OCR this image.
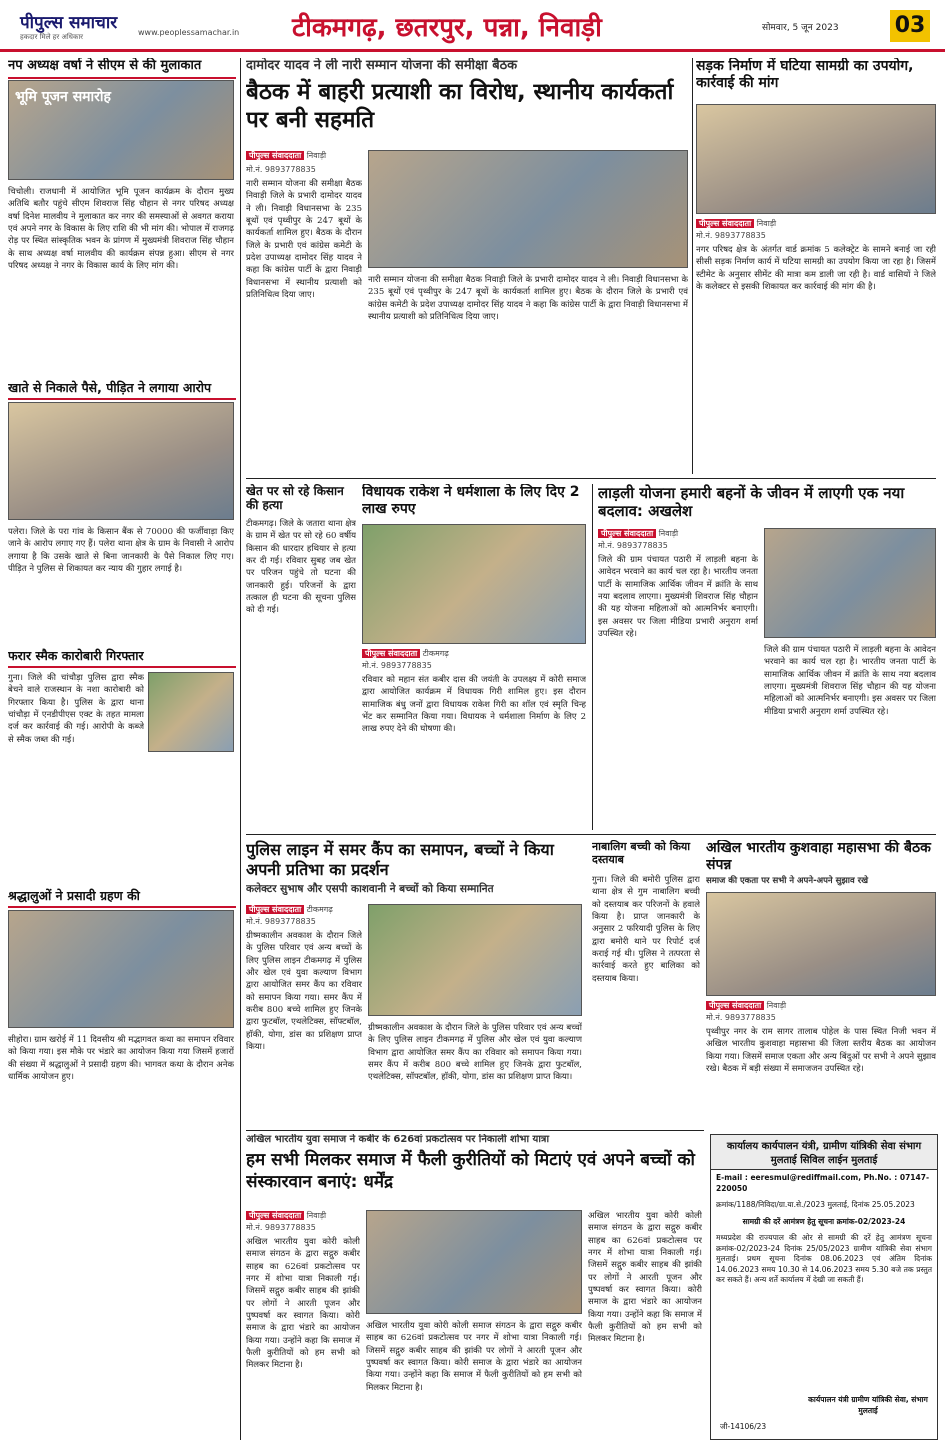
पीपुल्स समाचार
हकदार मिले हर अधिकार	www.peoplessamachar.in टीकमगढ़, छतरपुर, पन्ना, निवाड़ी	सोमवार, 5 जून 2023	03
नप अध्यक्ष वर्षा ने सीएम से की मुलाकात
भूमि पूजन समारोह
चिचोली। राजधानी में आयोजित भूमि पूजन कार्यक्रम के दौरान मुख्य अतिथि बतौर पहुंचे सीएम शिवराज सिंह चौहान से नगर परिषद अध्यक्ष वर्षा दिनेश मालवीय ने मुलाकात कर नगर की समस्याओं से अवगत कराया एवं अपने नगर के विकास के लिए राशि की भी मांग की। भोपाल में राजगढ़ रोड़ पर स्थित सांस्कृतिक भवन के प्रांगण में मुख्यमंत्री शिवराज सिंह चौहान के साथ अध्यक्ष वर्षा मालवीय की कार्यक्रम संपन्न हुआ। सीएम से नगर परिषद अध्यक्ष ने नगर के विकास कार्य के लिए मांग की।
खाते से निकाले पैसे, पीड़ित ने लगाया आरोप
पलेरा। जिले के परा गांव के किसान बैंक से 70000 की फर्जीवाड़ा किए जाने के आरोप लगाए गए हैं। पलेरा थाना क्षेत्र के ग्राम के निवासी ने आरोप लगाया है कि उसके खाते से बिना जानकारी के पैसे निकाल लिए गए। पीड़ित ने पुलिस से शिकायत कर न्याय की गुहार लगाई है।
फरार स्मैक कारोबारी गिरफ्तार
गुना। जिले की चांचौड़ा पुलिस द्वारा स्मैक बेचने वाले राजस्थान के नशा कारोबारी को गिरफ्तार किया है। पुलिस के द्वारा थाना चांचौड़ा में एनडीपीएस एक्ट के तहत मामला दर्ज कर कार्रवाई की गई। आरोपी के कब्जे से स्मैक जब्त की गई।
श्रद्धालुओं ने प्रसादी ग्रहण की
सीहोरा। ग्राम खरोई में 11 दिवसीय श्री मद्भागवत कथा का समापन रविवार को किया गया। इस मौके पर भंडारे का आयोजन किया गया जिसमें हजारों की संख्या में श्रद्धालुओं ने प्रसादी ग्रहण की। भागवत कथा के दौरान अनेक धार्मिक आयोजन हुए।
दामोदर यादव ने ली नारी सम्मान योजना की समीक्षा बैठक
बैठक में बाहरी प्रत्याशी का विरोध, स्थानीय कार्यकर्ता पर बनी सहमति
पीपुल्स संवाददाता निवाड़ी
मो.नं. 9893778835
नारी सम्मान योजना की समीक्षा बैठक निवाड़ी जिले के प्रभारी दामोदर यादव ने ली। निवाड़ी विधानसभा के 235 बूथों एवं पृथ्वीपुर के 247 बूथों के कार्यकर्ता शामिल हुए। बैठक के दौरान जिले के प्रभारी एवं कांग्रेस कमेटी के प्रदेश उपाध्यक्ष दामोदर सिंह यादव ने कहा कि कांग्रेस पार्टी के द्वारा निवाड़ी विधानसभा में स्थानीय प्रत्याशी को प्रतिनिधित्व दिया जाए।
नारी सम्मान योजना की समीक्षा बैठक निवाड़ी जिले के प्रभारी दामोदर यादव ने ली। निवाड़ी विधानसभा के 235 बूथों एवं पृथ्वीपुर के 247 बूथों के कार्यकर्ता शामिल हुए। बैठक के दौरान जिले के प्रभारी एवं कांग्रेस कमेटी के प्रदेश उपाध्यक्ष दामोदर सिंह यादव ने कहा कि कांग्रेस पार्टी के द्वारा निवाड़ी विधानसभा में स्थानीय प्रत्याशी को प्रतिनिधित्व दिया जाए।
खेत पर सो रहे किसान की हत्या
टीकमगढ़। जिले के जतारा थाना क्षेत्र के ग्राम में खेत पर सो रहे 60 वर्षीय किसान की धारदार हथियार से हत्या कर दी गई। रविवार सुबह जब खेत पर परिजन पहुंचे तो घटना की जानकारी हुई। परिजनों के द्वारा तत्काल ही घटना की सूचना पुलिस को दी गई।
विधायक राकेश ने धर्मशाला के लिए दिए 2 लाख रुपए
पीपुल्स संवाददाता टीकमगढ़
मो.नं. 9893778835
रविवार को महान संत कबीर दास की जयंती के उपलक्ष्य में कोरी समाज द्वारा आयोजित कार्यक्रम में विधायक गिरी शामिल हुए। इस दौरान सामाजिक बंधु जनों द्वारा विधायक राकेश गिरी का शॉल एवं स्मृति चिन्ह भेंट कर सम्मानित किया गया। विधायक ने धर्मशाला निर्माण के लिए 2 लाख रुपए देने की घोषणा की।
सड़क निर्माण में घटिया सामग्री का उपयोग, कार्रवाई की मांग
पीपुल्स संवाददाता निवाड़ी
मो.नं. 9893778835
नगर परिषद क्षेत्र के अंतर्गत वार्ड क्रमांक 5 कलेक्ट्रेट के सामने बनाई जा रही सीसी सड़क निर्माण कार्य में घटिया सामग्री का उपयोग किया जा रहा है। जिसमें स्टीमेट के अनुसार सीमेंट की मात्रा कम डाली जा रही है। वार्ड वासियों ने जिले के कलेक्टर से इसकी शिकायत कर कार्रवाई की मांग की है।
लाड़ली योजना हमारी बहनों के जीवन में लाएगी एक नया बदलाव: अखलेश
पीपुल्स संवाददाता निवाड़ी
मो.नं. 9893778835
जिले की ग्राम पंचायत पठारी में लाड़ली बहना के आवेदन भरवाने का कार्य चल रहा है। भारतीय जनता पार्टी के सामाजिक आर्थिक जीवन में क्रांति के साथ नया बदलाव लाएगा। मुख्यमंत्री शिवराज सिंह चौहान की यह योजना महिलाओं को आत्मनिर्भर बनाएगी। इस अवसर पर जिला मीडिया प्रभारी अनुराग शर्मा उपस्थित रहे।
जिले की ग्राम पंचायत पठारी में लाड़ली बहना के आवेदन भरवाने का कार्य चल रहा है। भारतीय जनता पार्टी के सामाजिक आर्थिक जीवन में क्रांति के साथ नया बदलाव लाएगा। मुख्यमंत्री शिवराज सिंह चौहान की यह योजना महिलाओं को आत्मनिर्भर बनाएगी। इस अवसर पर जिला मीडिया प्रभारी अनुराग शर्मा उपस्थित रहे।
पुलिस लाइन में समर कैंप का समापन, बच्चों ने किया अपनी प्रतिभा का प्रदर्शन
कलेक्टर सुभाष और एसपी काशवानी ने बच्चों को किया सम्मानित
पीपुल्स संवाददाता टीकमगढ़
मो.नं. 9893778835
ग्रीष्मकालीन अवकाश के दौरान जिले के पुलिस परिवार एवं अन्य बच्चों के लिए पुलिस लाइन टीकमगढ़ में पुलिस और खेल एवं युवा कल्याण विभाग द्वारा आयोजित समर कैंप का रविवार को समापन किया गया। समर कैंप में करीब 800 बच्चे शामिल हुए जिनके द्वारा फुटबॉल, एथलेटिक्स, सॉफ्टबॉल, हॉकी, योगा, डांस का प्रशिक्षण प्राप्त किया।
ग्रीष्मकालीन अवकाश के दौरान जिले के पुलिस परिवार एवं अन्य बच्चों के लिए पुलिस लाइन टीकमगढ़ में पुलिस और खेल एवं युवा कल्याण विभाग द्वारा आयोजित समर कैंप का रविवार को समापन किया गया। समर कैंप में करीब 800 बच्चे शामिल हुए जिनके द्वारा फुटबॉल, एथलेटिक्स, सॉफ्टबॉल, हॉकी, योगा, डांस का प्रशिक्षण प्राप्त किया।
नाबालिग बच्ची को किया दस्तयाब
गुना। जिले की बमोरी पुलिस द्वारा थाना क्षेत्र से गुम नाबालिग बच्ची को दस्तयाब कर परिजनों के हवाले किया है। प्राप्त जानकारी के अनुसार 2 फरियादी पुलिस के लिए द्वारा बमोरी थाने पर रिपोर्ट दर्ज कराई गई थी। पुलिस ने तत्परता से कार्रवाई करते हुए बालिका को दस्तयाब किया।
अखिल भारतीय कुशवाहा महासभा की बैठक संपन्न
समाज की एकता पर सभी ने अपने-अपने सुझाव रखे
पीपुल्स संवाददाता निवाड़ी
मो.नं. 9893778835
पृथ्वीपुर नगर के राम सागर तालाब पोहेल के पास स्थित निजी भवन में अखिल भारतीय कुशवाहा महासभा की जिला स्तरीय बैठक का आयोजन किया गया। जिसमें समाज एकता और अन्य बिंदुओं पर सभी ने अपने सुझाव रखे। बैठक में बड़ी संख्या में समाजजन उपस्थित रहे।
अखिल भारतीय युवा समाज ने कबीर के 626वां प्रकटोत्सव पर निकाली शोभा यात्रा
हम सभी मिलकर समाज में फैली कुरीतियों को मिटाएं एवं अपने बच्चों को संस्कारवान बनाएं: धर्मेंद्र
पीपुल्स संवाददाता निवाड़ी
मो.नं. 9893778835
अखिल भारतीय युवा कोरी कोली समाज संगठन के द्वारा सद्गुरु कबीर साहब का 626वां प्रकटोत्सव पर नगर में शोभा यात्रा निकाली गई। जिसमें सद्गुरु कबीर साहब की झांकी पर लोगों ने आरती पूजन और पुष्पवर्षा कर स्वागत किया। कोरी समाज के द्वारा भंडारे का आयोजन किया गया। उन्होंने कहा कि समाज में फैली कुरीतियों को हम सभी को मिलकर मिटाना है।
अखिल भारतीय युवा कोरी कोली समाज संगठन के द्वारा सद्गुरु कबीर साहब का 626वां प्रकटोत्सव पर नगर में शोभा यात्रा निकाली गई। जिसमें सद्गुरु कबीर साहब की झांकी पर लोगों ने आरती पूजन और पुष्पवर्षा कर स्वागत किया। कोरी समाज के द्वारा भंडारे का आयोजन किया गया। उन्होंने कहा कि समाज में फैली कुरीतियों को हम सभी को मिलकर मिटाना है।
अखिल भारतीय युवा कोरी कोली समाज संगठन के द्वारा सद्गुरु कबीर साहब का 626वां प्रकटोत्सव पर नगर में शोभा यात्रा निकाली गई। जिसमें सद्गुरु कबीर साहब की झांकी पर लोगों ने आरती पूजन और पुष्पवर्षा कर स्वागत किया। कोरी समाज के द्वारा भंडारे का आयोजन किया गया। उन्होंने कहा कि समाज में फैली कुरीतियों को हम सभी को मिलकर मिटाना है।
कार्यालय कार्यपालन यंत्री, ग्रामीण यांत्रिकी सेवा संभाग मुलताई सिविल लाईन मुलताई
E-mail : eeresmul@rediffmail.com, Ph.No. : 07147-220050
क्रमांक/1188/निविदा/ग्रा.या.से./2023 मुलताई, दिनांक 25.05.2023
सामग्री की दरें आमंत्रण हेतु सूचना क्रमांक-02/2023-24
मध्यप्रदेश की राज्यपाल की ओर से सामग्री की दरें हेतु आमंत्रण सूचना क्रमांक-02/2023-24 दिनांक 25/05/2023 ग्रामीण यांत्रिकी सेवा संभाग मुलताई। प्रथम सूचना दिनांक 08.06.2023 एवं अंतिम दिनांक 14.06.2023 समय 10.30 से 14.06.2023 समय 5.30 बजे तक प्रस्तुत कर सकते हैं। अन्य शर्ते कार्यालय में देखी जा सकती हैं।
कार्यपालन यंत्री ग्रामीण यांत्रिकी सेवा, संभाग मुलताई
जी-14106/23
